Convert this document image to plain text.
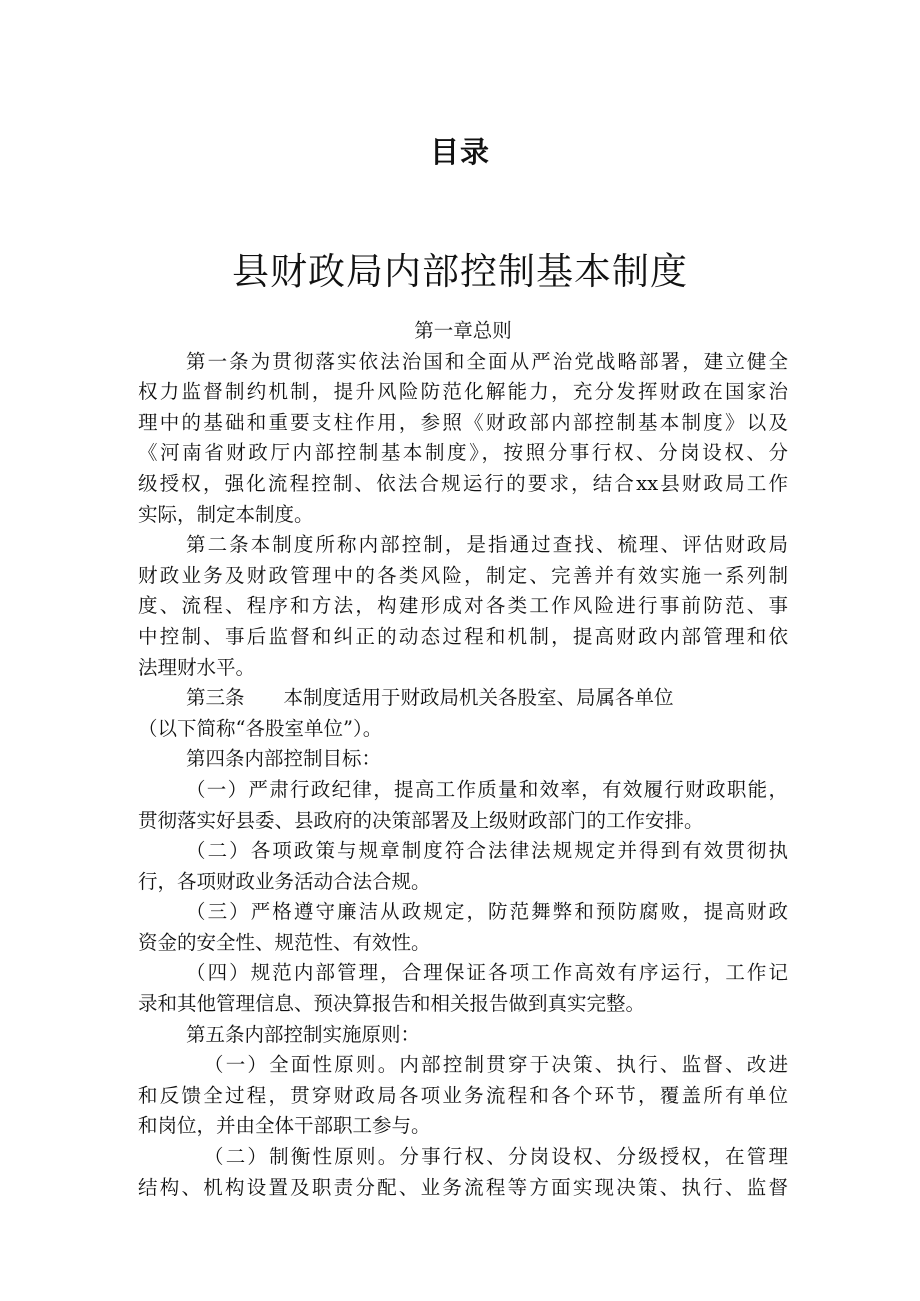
目录
县财政局内部控制基本制度
第一章总则
第一条为贯彻落实依法治国和全面从严治党战略部署，建立健全
权力监督制约机制，提升风险防范化解能力，充分发挥财政在国家治
理中的基础和重要支柱作用，参照《财政部内部控制基本制度》以及
《河南省财政厅内部控制基本制度》，按照分事行权、分岗设权、分
级授权，强化流程控制、依法合规运行的要求，结合xx县财政局工作
实际，制定本制度。
第二条本制度所称内部控制，是指通过查找、梳理、评估财政局
财政业务及财政管理中的各类风险，制定、完善并有效实施一系列制
度、流程、程序和方法，构建形成对各类工作风险进行事前防范、事
中控制、事后监督和纠正的动态过程和机制，提高财政内部管理和依
法理财水平。
第三条　　本制度适用于财政局机关各股室、局属各单位
（以下简称“各股室单位”）。
第四条内部控制目标：
（一）严肃行政纪律，提高工作质量和效率，有效履行财政职能，
贯彻落实好县委、县政府的决策部署及上级财政部门的工作安排。
（二）各项政策与规章制度符合法律法规规定并得到有效贯彻执
行，各项财政业务活动合法合规。
（三）严格遵守廉洁从政规定，防范舞弊和预防腐败，提高财政
资金的安全性、规范性、有效性。
（四）规范内部管理，合理保证各项工作高效有序运行，工作记
录和其他管理信息、预决算报告和相关报告做到真实完整。
第五条内部控制实施原则：
（一）全面性原则。内部控制贯穿于决策、执行、监督、改进
和反馈全过程，贯穿财政局各项业务流程和各个环节，覆盖所有单位
和岗位，并由全体干部职工参与。
（二）制衡性原则。分事行权、分岗设权、分级授权，在管理
结构、机构设置及职责分配、业务流程等方面实现决策、执行、监督
